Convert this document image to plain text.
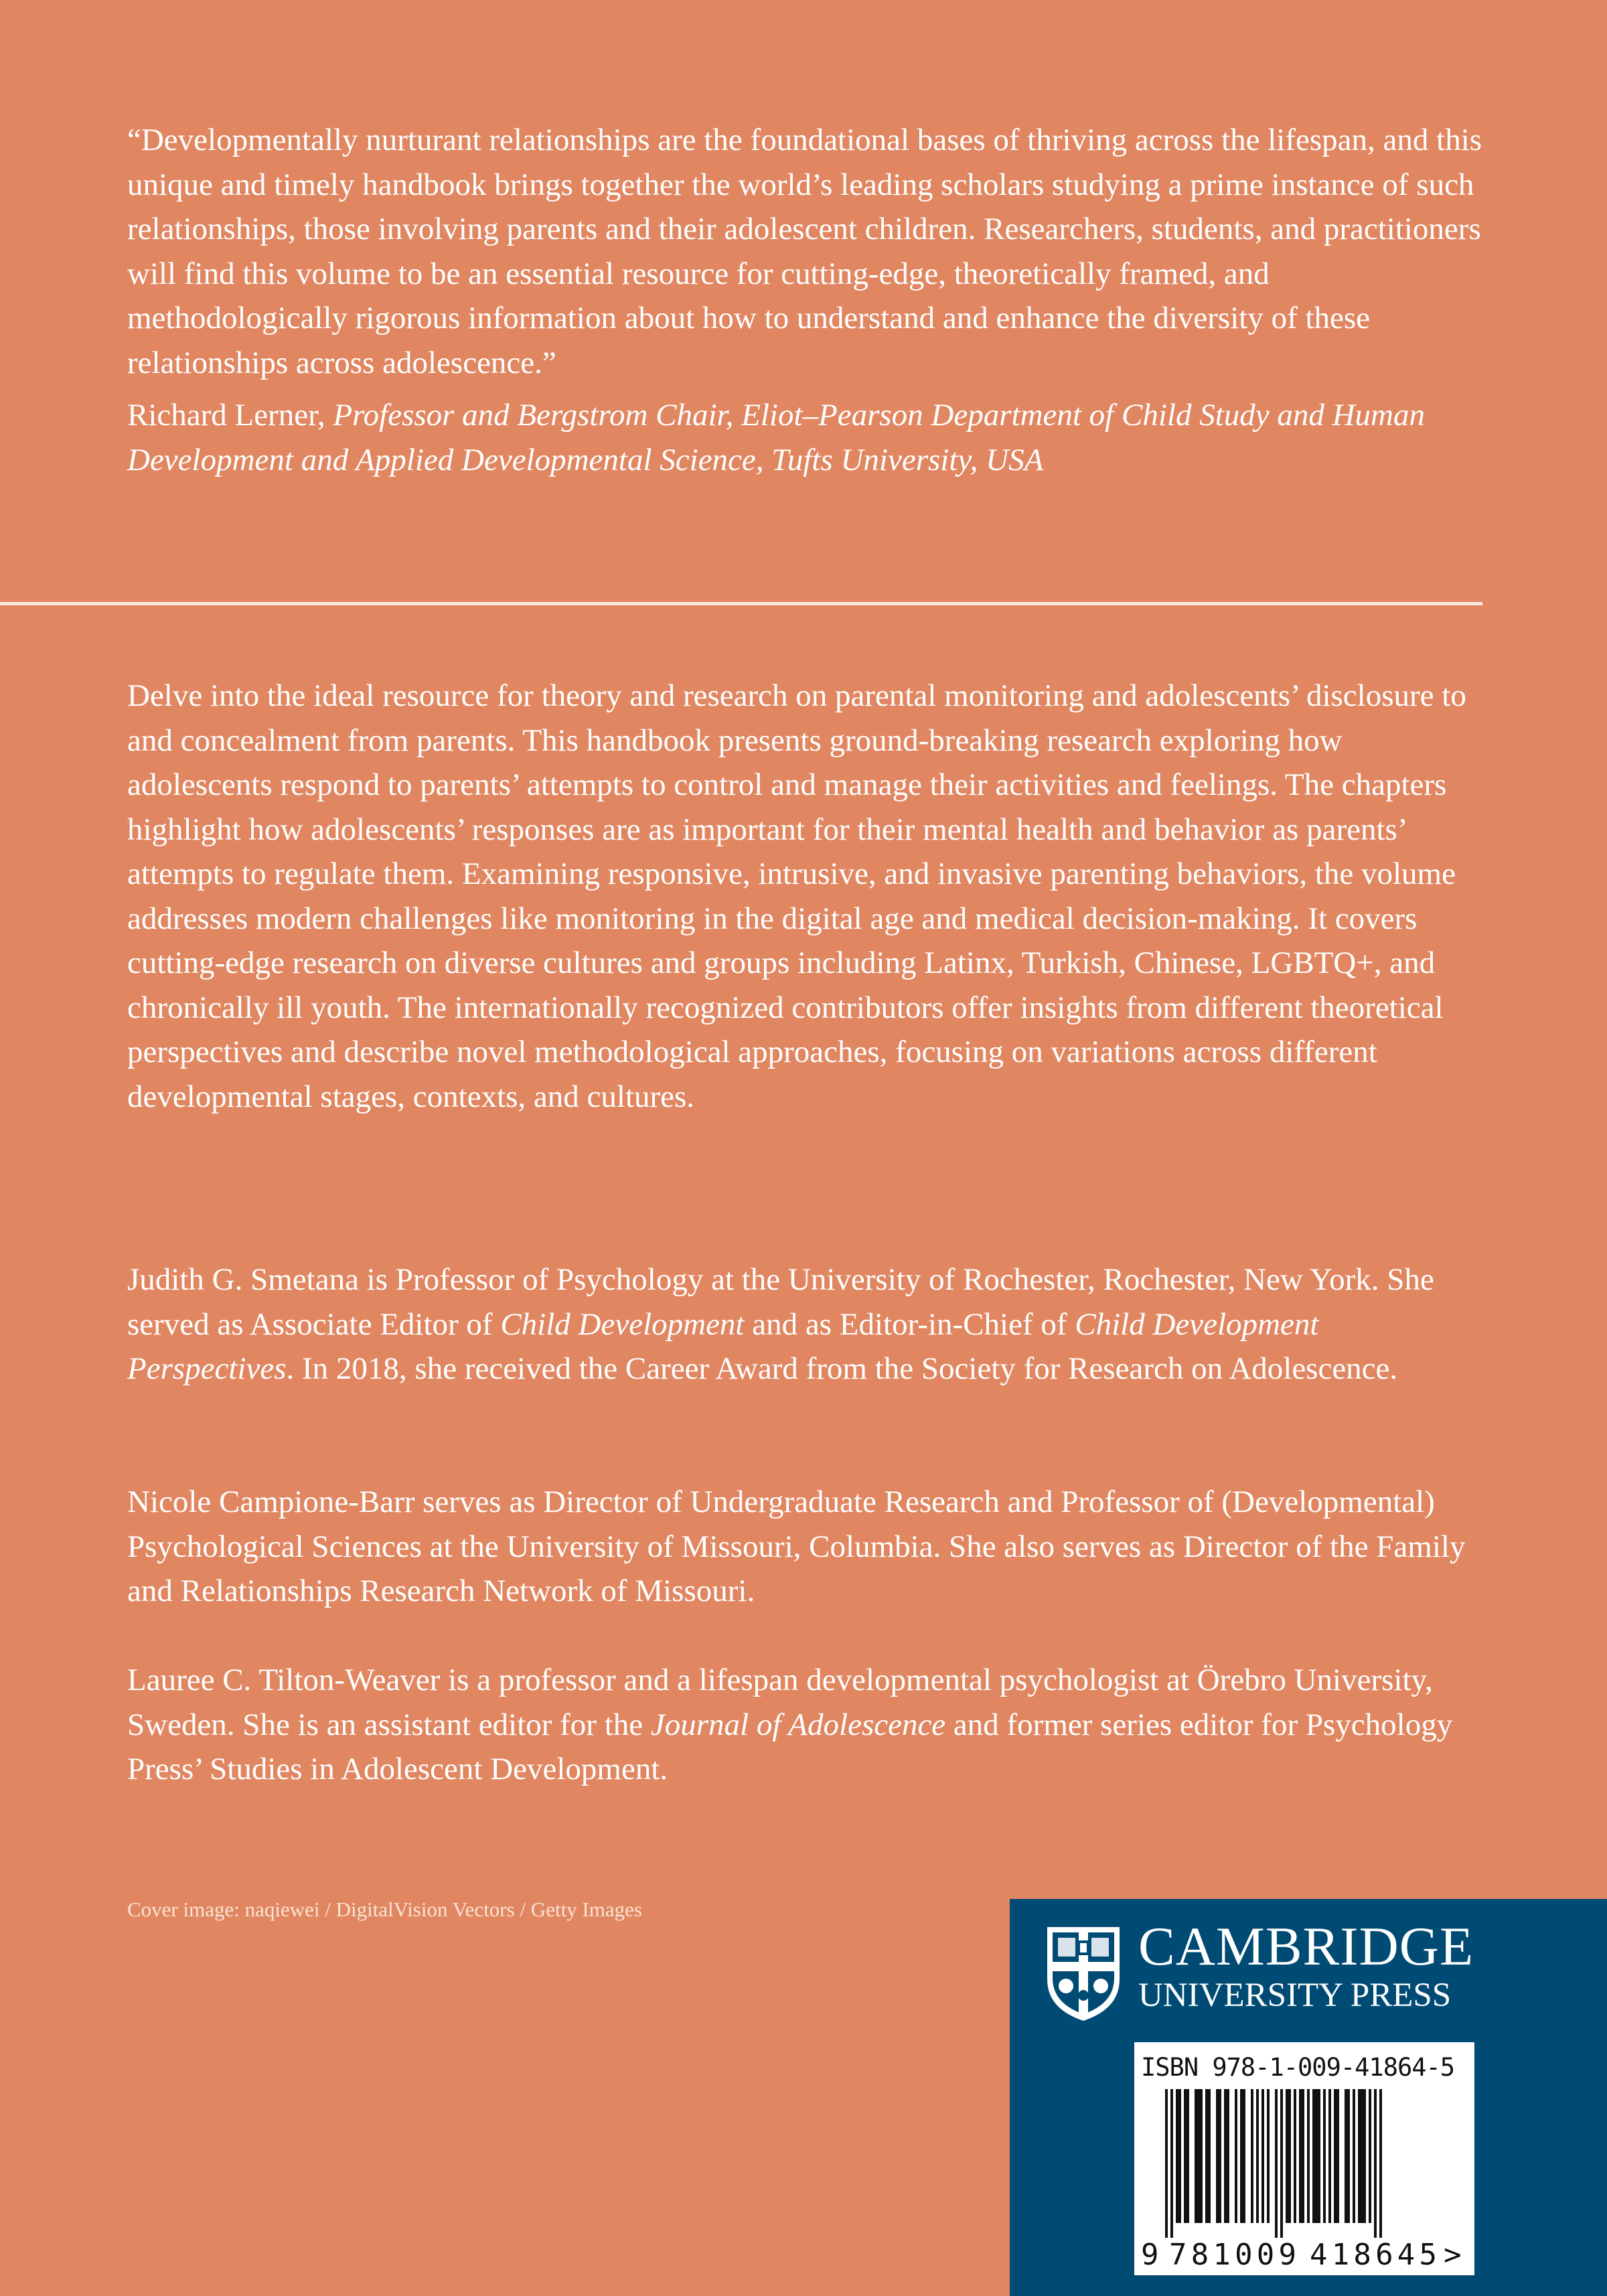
“Developmentally nurturant relationships are the foundational bases of thriving across the lifespan, and this unique and timely handbook brings together the world’s leading scholars studying a prime instance of such relationships, those involving parents and their adolescent children. Researchers, students, and practitioners will find this volume to be an essential resource for cutting-edge, theoretically framed, and methodologically rigorous information about how to understand and enhance the diversity of these relationships across adolescence.”

Richard Lerner, Professor and Bergstrom Chair, Eliot–Pearson Department of Child Study and Human Development and Applied Developmental Science, Tufts University, USA

Delve into the ideal resource for theory and research on parental monitoring and adolescents’ disclosure to and concealment from parents. This handbook presents ground-breaking research exploring how adolescents respond to parents’ attempts to control and manage their activities and feelings. The chapters highlight how adolescents’ responses are as important for their mental health and behavior as parents’ attempts to regulate them. Examining responsive, intrusive, and invasive parenting behaviors, the volume addresses modern challenges like monitoring in the digital age and medical decision-making. It covers cutting-edge research on diverse cultures and groups including Latinx, Turkish, Chinese, LGBTQ+, and chronically ill youth. The internationally recognized contributors offer insights from different theoretical perspectives and describe novel methodological approaches, focusing on variations across different developmental stages, contexts, and cultures.

Judith G. Smetana is Professor of Psychology at the University of Rochester, Rochester, New York. She served as Associate Editor of Child Development and as Editor-in-Chief of Child Development Perspectives. In 2018, she received the Career Award from the Society for Research on Adolescence.

Nicole Campione-Barr serves as Director of Undergraduate Research and Professor of (Developmental) Psychological Sciences at the University of Missouri, Columbia. She also serves as Director of the Family and Relationships Research Network of Missouri.

Lauree C. Tilton-Weaver is a professor and a lifespan developmental psychologist at Örebro University, Sweden. She is an assistant editor for the Journal of Adolescence and former series editor for Psychology Press’ Studies in Adolescent Development.

Cover image: naqiewei / DigitalVision Vectors / Getty Images
CAMBRIDGE
UNIVERSITY PRESS
ISBN 978-1-009-41864-5
9 781009 418645 >
